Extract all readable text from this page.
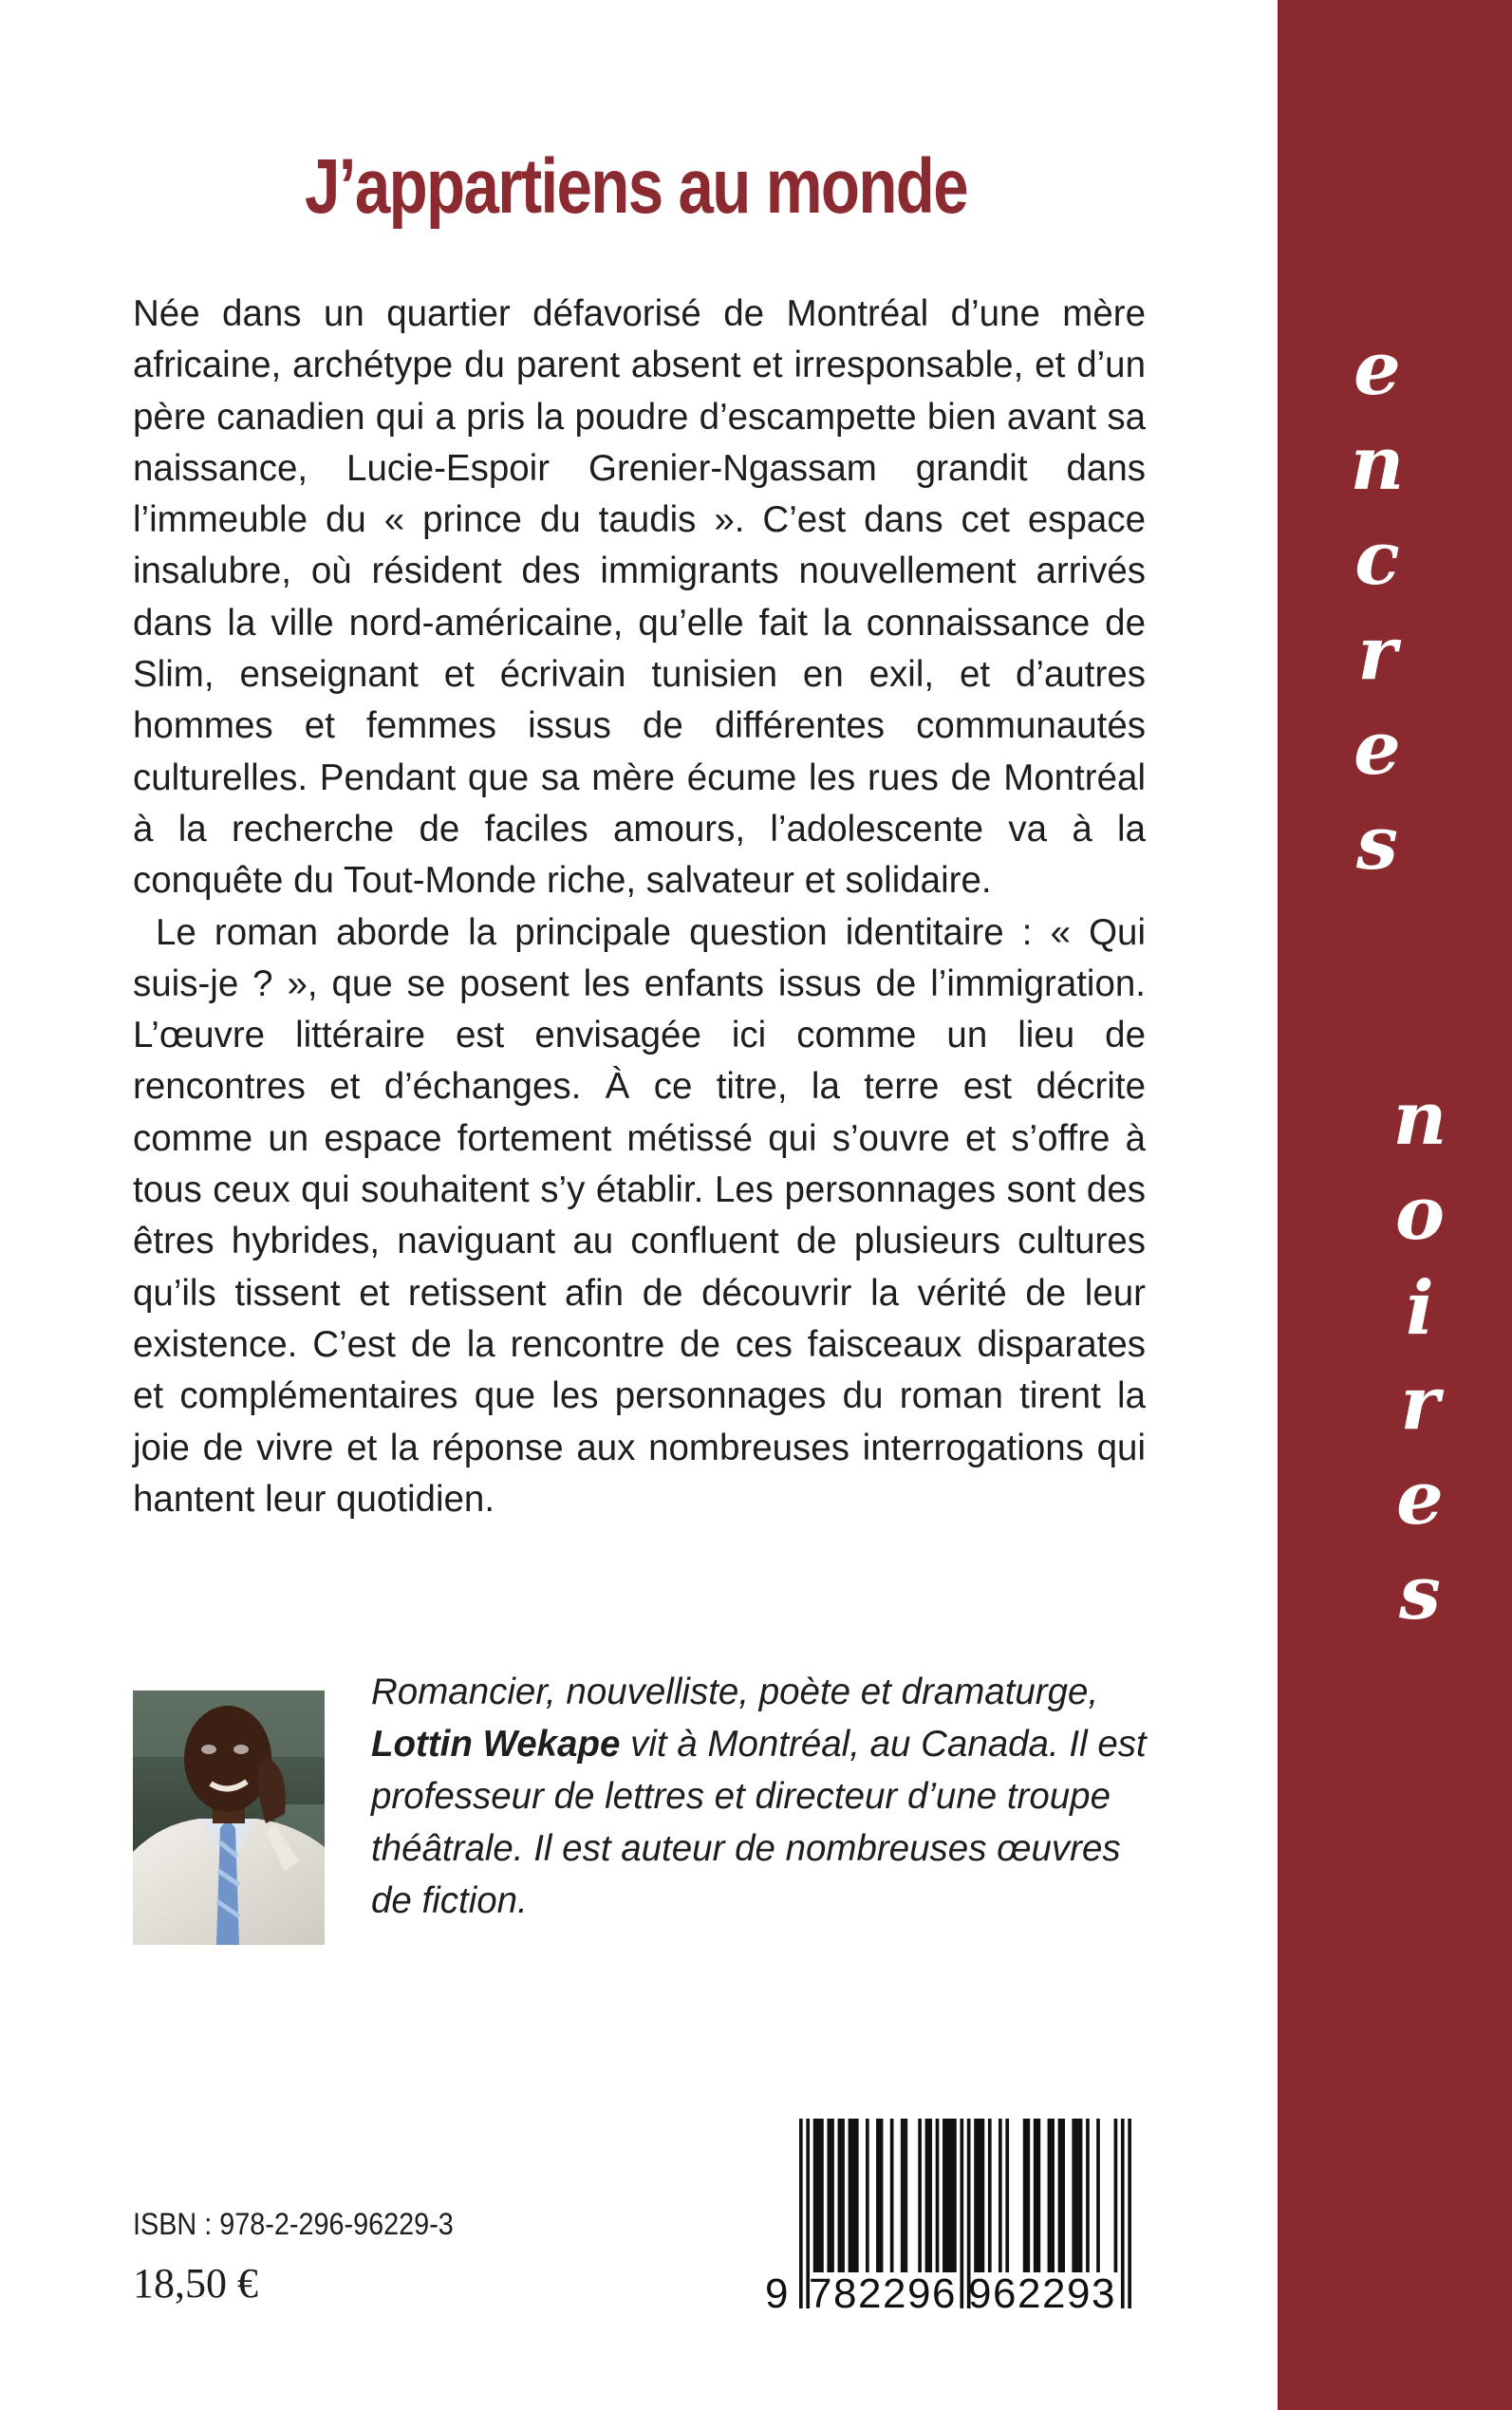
e
n
c
r
e
s
n
o
i
r
e
s
J’appartiens au monde

Née dans un quartier défavorisé de Montréal d’une mère africaine, archétype du parent absent et irresponsable, et d’un père canadien qui a pris la poudre d’escampette bien avant sa naissance, Lucie-Espoir Grenier-Ngassam grandit dans l’immeuble du « prince du taudis ». C’est dans cet espace insalubre, où résident des immigrants nouvellement arrivés dans la ville nord-américaine, qu’elle fait la connaissance de Slim, enseignant et écrivain tunisien en exil, et d’autres hommes et femmes issus de différentes communautés culturelles. Pendant que sa mère écume les rues de Montréal à la recherche de faciles amours, l’adolescente va à la conquête du Tout-Monde riche, salvateur et solidaire.

Le roman aborde la principale question identitaire : « Qui suis-je ? », que se posent les enfants issus de l’immigration. L’œuvre littéraire est envisagée ici comme un lieu de rencontres et d’échanges. À ce titre, la terre est décrite comme un espace fortement métissé qui s’ouvre et s’offre à tous ceux qui souhaitent s’y établir. Les personnages sont des êtres hybrides, naviguant au confluent de plusieurs cultures qu’ils tissent et retissent afin de découvrir la vérité de leur existence. C’est de la rencontre de ces faisceaux disparates et complémentaires que les personnages du roman tirent la joie de vivre et la réponse aux nombreuses interrogations qui hantent leur quotidien.

Romancier, nouvelliste, poète et dramaturge, Lottin Wekape vit à Montréal, au Canada. Il est professeur de lettres et directeur d’une troupe théâtrale. Il est auteur de nombreuses œuvres de fiction.
9 7 8 2 2 9 6 9 6 2 2 9 3
ISBN : 978-2-296-96229-3
18,50 €
